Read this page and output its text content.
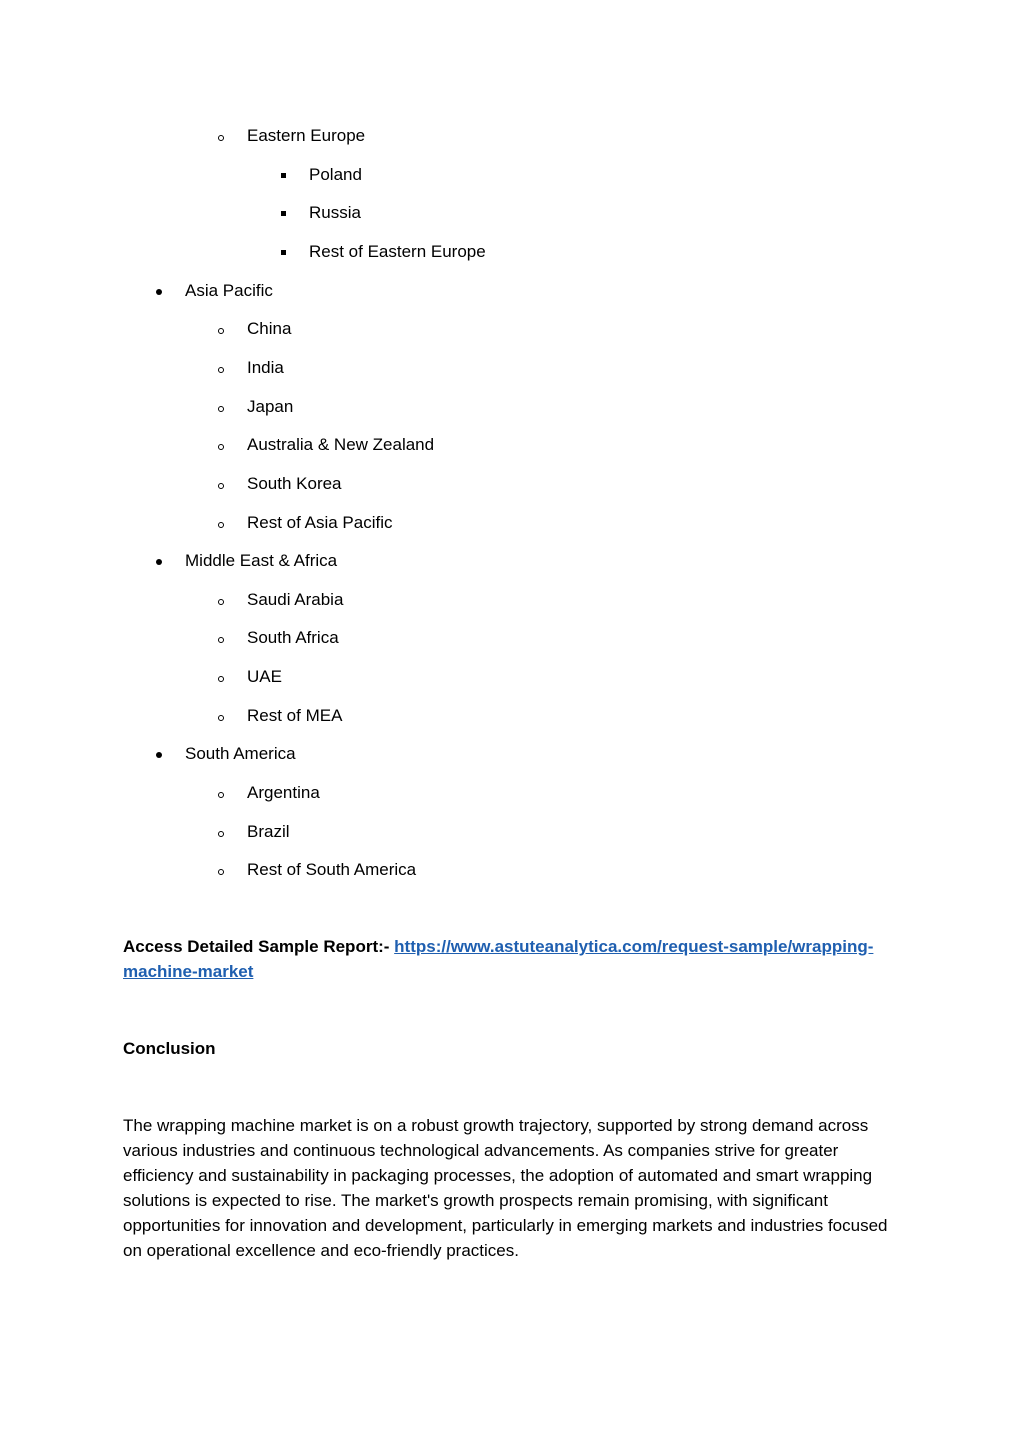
Eastern Europe
Poland
Russia
Rest of Eastern Europe
Asia Pacific
China
India
Japan
Australia & New Zealand
South Korea
Rest of Asia Pacific
Middle East & Africa
Saudi Arabia
South Africa
UAE
Rest of MEA
South America
Argentina
Brazil
Rest of South America
Access Detailed Sample Report:- https://www.astuteanalytica.com/request-sample/wrapping-machine-market
Conclusion
The wrapping machine market is on a robust growth trajectory, supported by strong demand across various industries and continuous technological advancements. As companies strive for greater efficiency and sustainability in packaging processes, the adoption of automated and smart wrapping solutions is expected to rise. The market's growth prospects remain promising, with significant opportunities for innovation and development, particularly in emerging markets and industries focused on operational excellence and eco-friendly practices.
